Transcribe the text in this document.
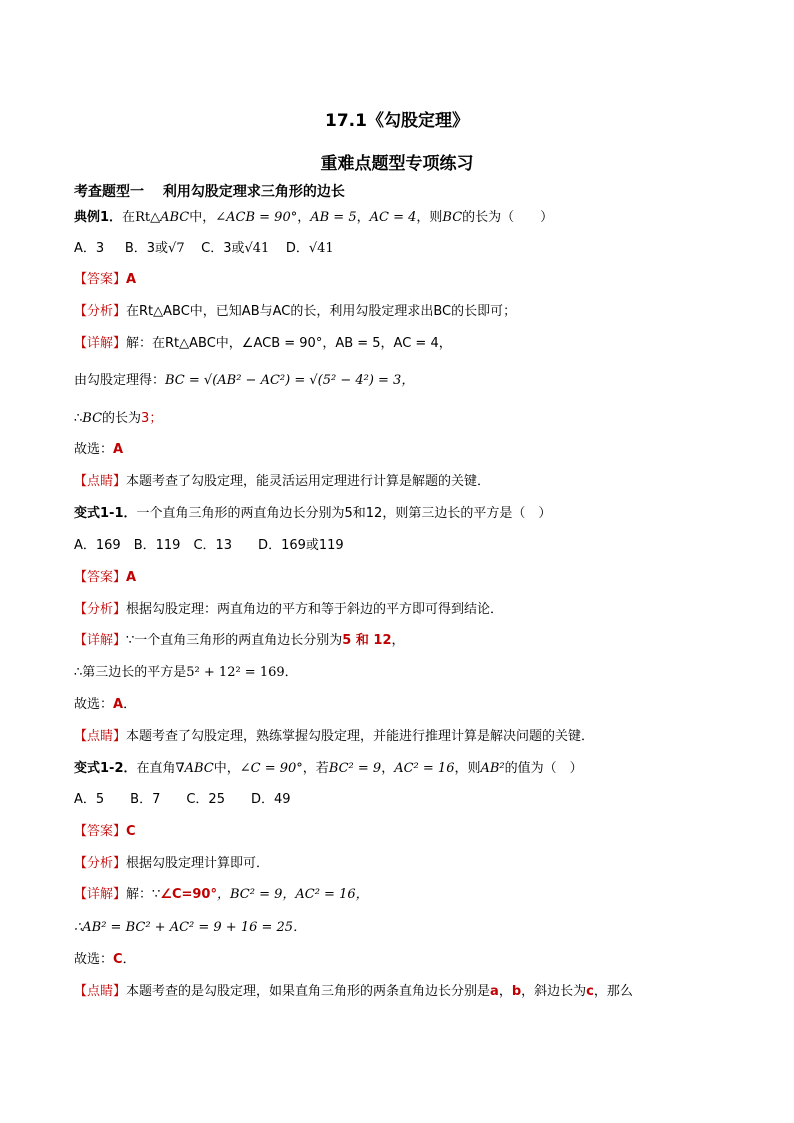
17.1《勾股定理》
重难点题型专项练习
考查题型一　 利用勾股定理求三角形的边长
典例1．在Rt△ABC中，∠ACB = 90°，AB = 5，AC = 4，则BC的长为（　　）
A．3 B．3或√7 C．3或√41 D．√41
【答案】A
【分析】在Rt△ABC中，已知AB与AC的长，利用勾股定理求出BC的长即可；
【详解】解：在Rt△ABC中，∠ACB = 90°，AB = 5，AC = 4，
由勾股定理得：BC = √(AB² − AC²) = √(5² − 4²) = 3，
∴BC的长为3；
故选：A
【点睛】本题考查了勾股定理，能灵活运用定理进行计算是解题的关键．
变式1-1．一个直角三角形的两直角边长分别为5和12，则第三边长的平方是（　）
A．169　B．119　C．13　　D．169或119
【答案】A
【分析】根据勾股定理：两直角边的平方和等于斜边的平方即可得到结论．
【详解】∵一个直角三角形的两直角边长分别为5 和 12，
∴第三边长的平方是5² + 12² = 169．
故选：A．
【点睛】本题考查了勾股定理，熟练掌握勾股定理，并能进行推理计算是解决问题的关键．
变式1-2．在直角∇ABC中，∠C = 90°，若BC² = 9，AC² = 16，则AB²的值为（　）
A．5　　B．7　　C．25　　D．49
【答案】C
【分析】根据勾股定理计算即可．
【详解】解：∵∠C=90°，BC² = 9，AC² = 16，
∴AB² = BC² + AC² = 9 + 16 = 25．
故选：C．
【点睛】本题考查的是勾股定理，如果直角三角形的两条直角边长分别是a，b，斜边长为c，那么
